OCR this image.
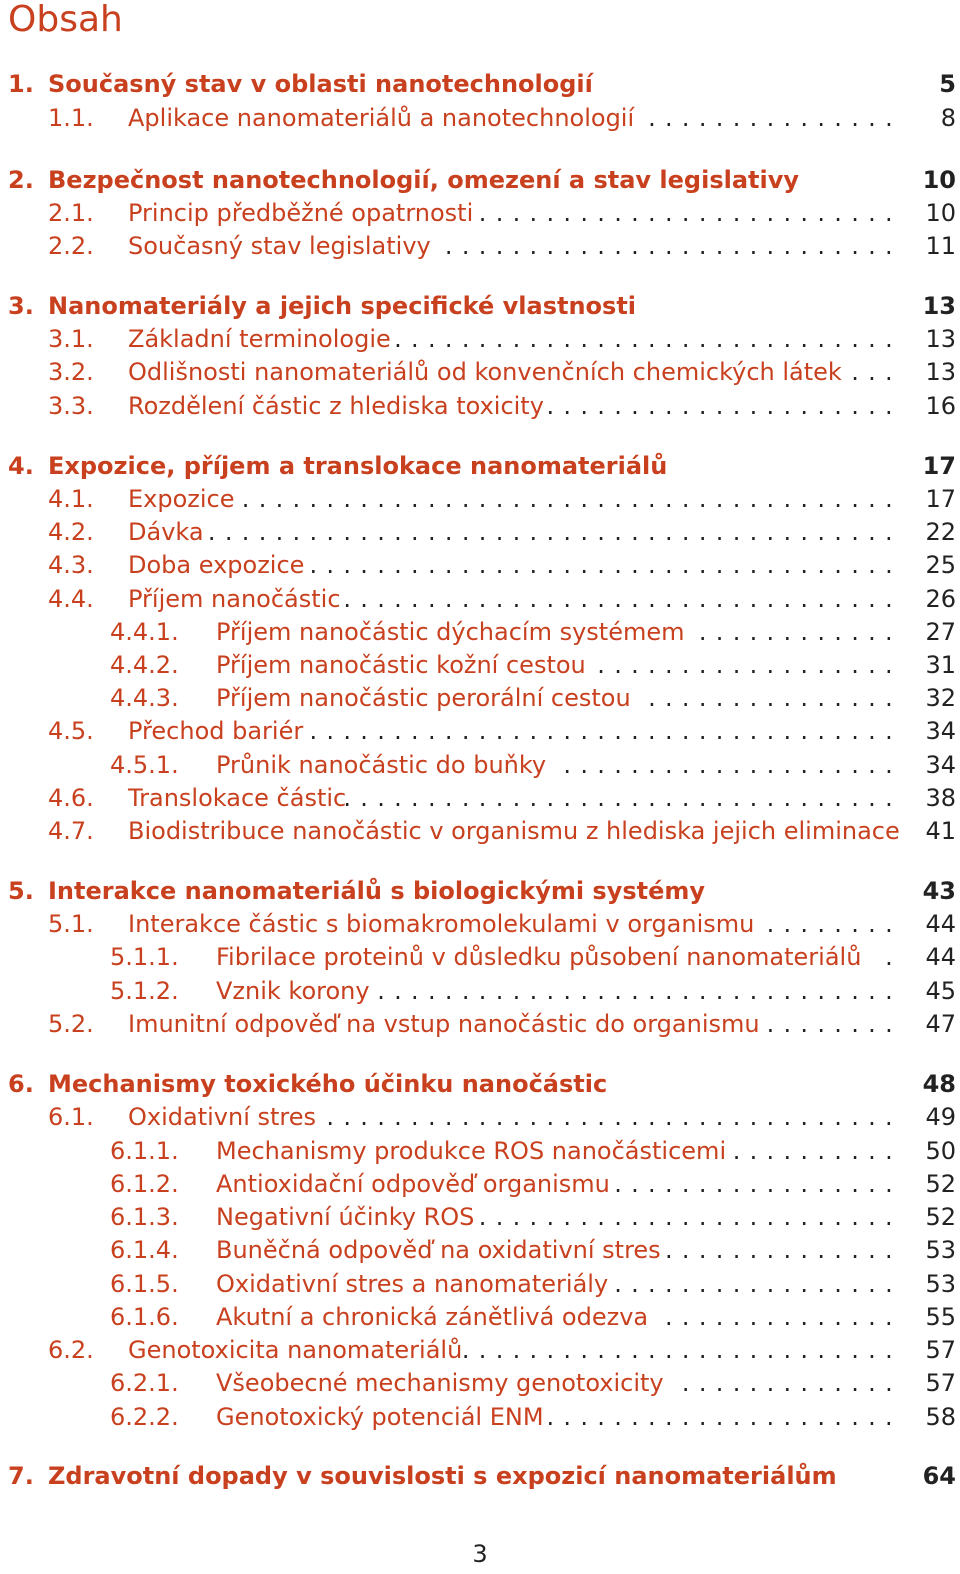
Obsah
1. Současný stav v oblasti nanotechnologií	5
1.1. Aplikace nanomateriálů a nanotechnologií	8
...............
2. Bezpečnost nanotechnologií, omezení a stav legislativy	10
2.1. Princip předběžné opatrnosti	10
.........................
2.2. Současný stav legislativy	11
...........................
3. Nanomateriály a jejich specifické vlastnosti	13
3.1. Základní terminologie	13
..............................
3.2. Odlišnosti nanomateriálů od konvenčních chemických látek	13
...
3.3. Rozdělení částic z hlediska toxicity	16
.....................
4. Expozice, příjem a translokace nanomateriálů	17
4.1. Expozice	17
.......................................
4.2. Dávka	22
.........................................
4.3. Doba expozice	25
...................................
4.4. Příjem nanočástic	26
.................................
4.4.1. Příjem nanočástic dýchacím systémem	27
............
4.4.2. Příjem nanočástic kožní cestou	31
..................
4.4.3. Příjem nanočástic perorální cestou	32
...............
4.5. Přechod bariér	34
...................................
4.5.1. Průnik nanočástic do buňky	34
....................
4.6. Translokace částic	38
.................................
4.7. Biodistribuce nanočástic v organismu z hlediska jejich eliminace 41
5. Interakce nanomateriálů s biologickými systémy	43
5.1. Interakce částic s biomakromolekulami v organismu	44
........
5.1.1. Fibrilace proteinů v důsledku působení nanomateriálů	44
.
5.1.2. Vznik korony	45
...............................
5.2. Imunitní odpověď na vstup nanočástic do organismu	47
........
6. Mechanismy toxického účinku nanočástic	48
6.1. Oxidativní stres	49
..................................
6.1.1. Mechanismy produkce ROS nanočásticemi	50
..........
6.1.2. Antioxidační odpověď organismu	52
.................
6.1.3. Negativní účinky ROS	52
.........................
6.1.4. Buněčná odpověď na oxidativní stres	53
..............
6.1.5. Oxidativní stres a nanomateriály	53
.................
6.1.6. Akutní a chronická zánětlivá odezva	55
..............
6.2. Genotoxicita nanomateriálů	57
..........................
6.2.1. Všeobecné mechanismy genotoxicity	57
.............
6.2.2. Genotoxický potenciál ENM	58
.....................
7. Zdravotní dopady v souvislosti s expozicí nanomateriálům	64
3
